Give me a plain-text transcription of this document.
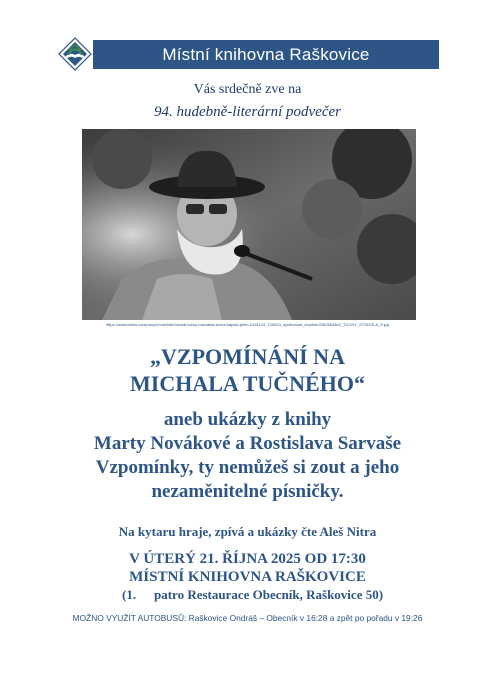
Místní knihovna Raškovice
Vás srdečně zve na
94. hudebně-literární podvečer
https://www.idnes.cz/zpravy/revue/lide/michal-tucny-michaela-tucna-kapela-jelen.A181124_125024_spolecnost_zep/foto/OBJ5648b2_TUCNY_STODOLA_3.jpg
„VZPOMÍNÁNÍ NA
MICHALA TUČNÉHO“
aneb ukázky z knihy
Marty Novákové a Rostislava Sarvaše
Vzpomínky, ty nemůžeš si zout a jeho
nezaměnitelné písničky.
Na kytaru hraje, zpívá a ukázky čte Aleš Nitra
V ÚTERÝ 21. ŘÍJNA 2025 OD 17:30
MÍSTNÍ KNIHOVNA RAŠKOVICE
(1. patro Restaurace Obecník, Raškovice 50)
MOŽNO VYUŽÍT AUTOBUSŮ: Raškovice Ondráš – Obecník v 16:28 a zpět po pořadu v 19:26
